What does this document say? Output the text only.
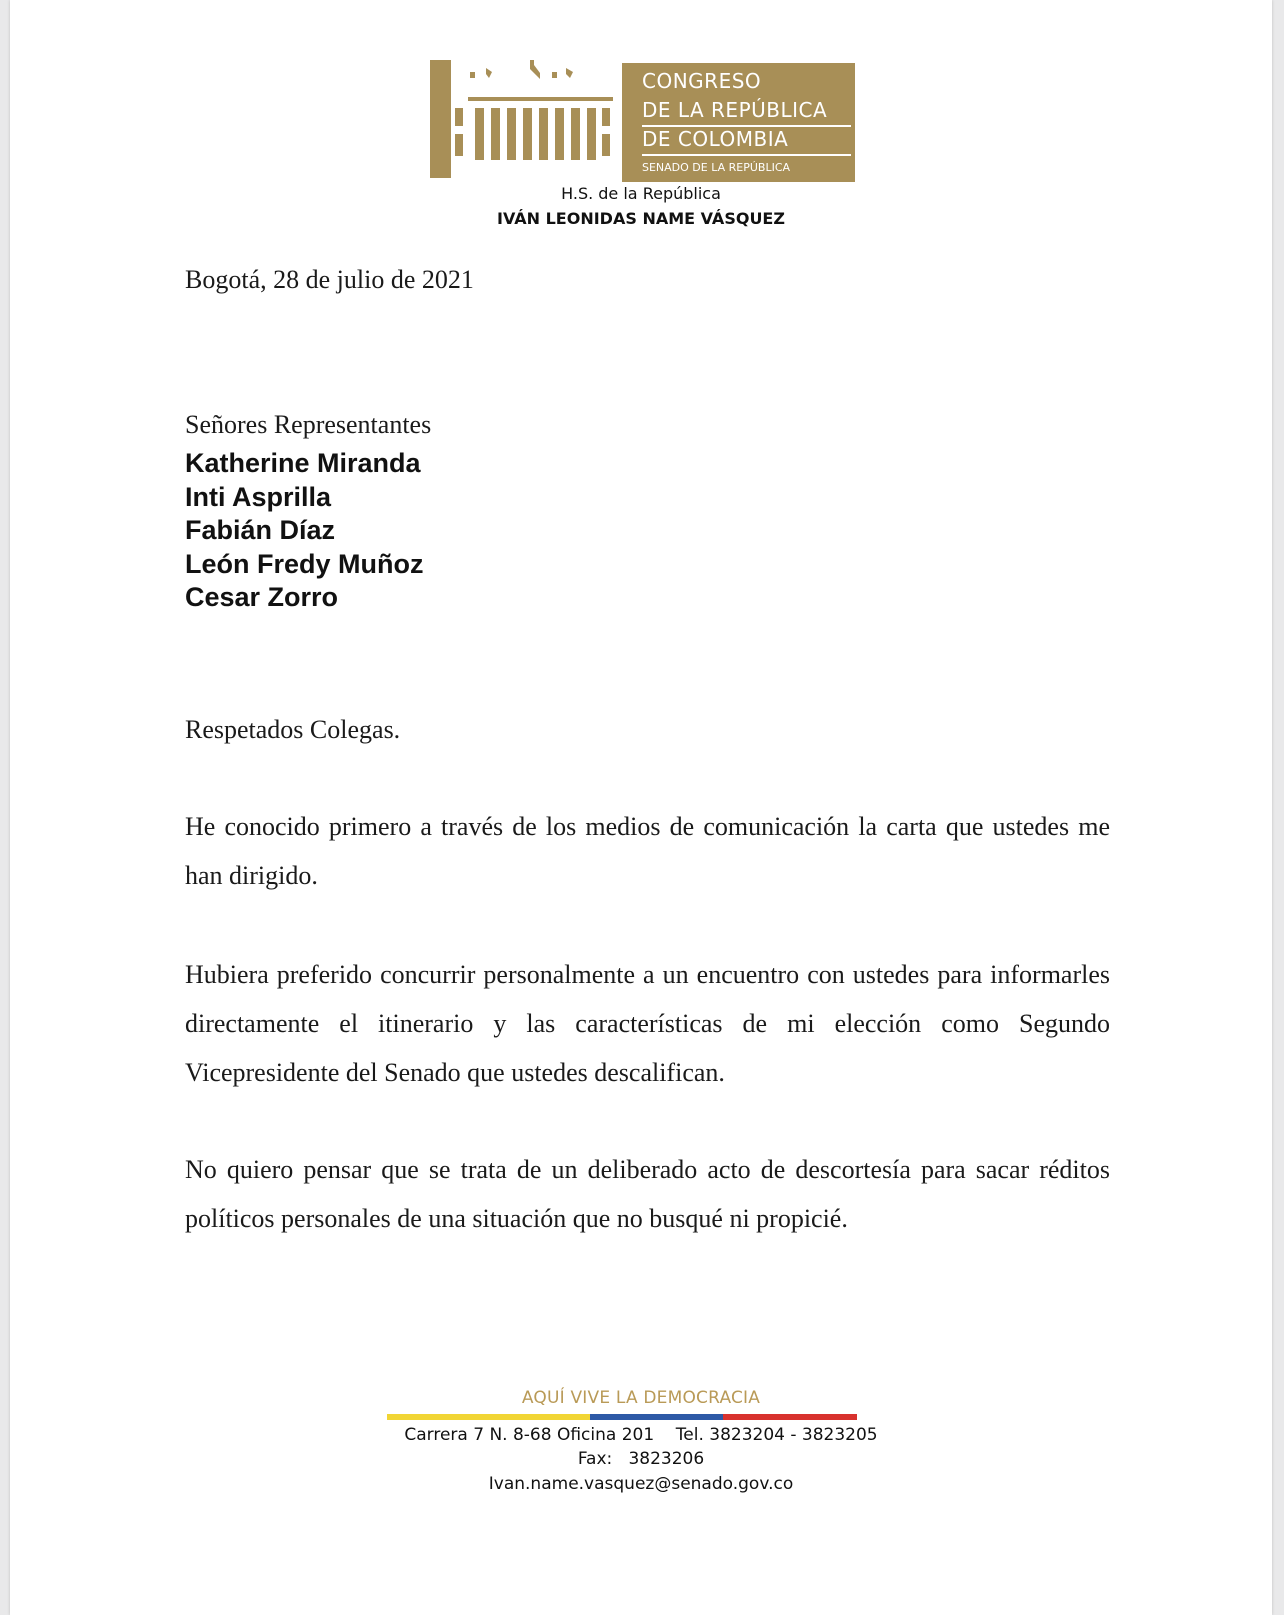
CONGRESO
DE LA REPÚBLICA
DE COLOMBIA
SENADO DE LA REPÚBLICA
H.S. de la República
IVÁN LEONIDAS NAME VÁSQUEZ
Bogotá, 28 de julio de 2021
Señores Representantes
Katherine Miranda
Inti Asprilla
Fabián Díaz
León Fredy Muñoz
Cesar Zorro
Respetados Colegas.
He conocido primero a través de los medios de comunicación la carta que ustedes me han dirigido.
Hubiera preferido concurrir personalmente a un encuentro con ustedes para informarles directamente el itinerario y las características de mi elección como Segundo Vicepresidente del Senado que ustedes descalifican.
No quiero pensar que se trata de un deliberado acto de descortesía para sacar réditos políticos personales de una situación que no busqué ni propicié.
AQUÍ VIVE LA DEMOCRACIA
Carrera 7 N. 8-68 Oficina 201    Tel. 3823204 - 3823205
Fax:   3823206
Ivan.name.vasquez@senado.gov.co
